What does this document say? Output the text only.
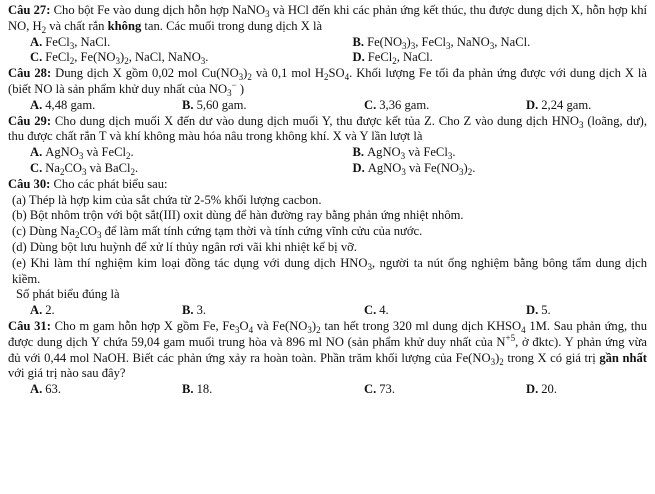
Câu 27: Cho bột Fe vào dung dịch hỗn hợp NaNO$_3$ và HCl đến khi các phản ứng kết thúc, thu được dung dịch X, hỗn hợp khí NO, $H_2$ và chất rắn không tan. Các muối trong dung dịch X là

A. FeCl$_3$, NaCl.	B. $Fe(NO_3)_3$, FeCl$_3$, NaNO$_3$, NaCl.
C. FeCl$_2$, $Fe(NO_3)_2$, NaCl, NaNO$_3$.	D. FeCl$_2$, NaCl.

Câu 28: Dung dịch X gồm 0,02 mol $Cu(NO_3)_2$ và 0,1 mol $H_2SO_4$. Khối lượng Fe tối đa phản ứng được với dung dịch X là (biết NO là sản phẩm khử duy nhất của $NO_3^-$ )

A. 4,48 gam.	B. 5,60 gam.	C. 3,36 gam.	D. 2,24 gam.

Câu 29: Cho dung dịch muối X đến dư vào dung dịch muối Y, thu được kết tủa Z. Cho Z vào dung dịch $HNO_3$ (loãng, dư), thu được chất rắn T và khí không màu hóa nâu trong không khí. X và Y lần lượt là

A. AgNO$_3$ và FeCl$_2$.	B. AgNO$_3$ và FeCl$_3$.
C. $Na_2CO_3$ và BaCl$_2$.	D. AgNO$_3$ và $Fe(NO_3)_2$.

Câu 30: Cho các phát biểu sau:

(a) Thép là hợp kim của sắt chứa từ 2-5% khối lượng cacbon.

(b) Bột nhôm trộn với bột sắt(III) oxit dùng để hàn đường ray bằng phản ứng nhiệt nhôm.

(c) Dùng $Na_2CO_3$ để làm mất tính cứng tạm thời và tính cứng vĩnh cửu của nước.

(d) Dùng bột lưu huỳnh để xử lí thủy ngân rơi vãi khi nhiệt kế bị vỡ.

(e) Khi làm thí nghiệm kim loại đồng tác dụng với dung dịch $HNO_3$, người ta nút ống nghiệm bằng bông tẩm dung dịch kiềm.

Số phát biểu đúng là

A. 2.	B. 3.	C. 4.	D. 5.

Câu 31: Cho m gam hỗn hợp X gồm Fe, $Fe_3O_4$ và $Fe(NO_3)_2$ tan hết trong 320 ml dung dịch $KHSO_4$ 1M. Sau phản ứng, thu được dung dịch Y chứa 59,04 gam muối trung hòa và 896 ml NO (sản phẩm khử duy nhất của $N^{+5}$, ở đktc). Y phản ứng vừa đủ với 0,44 mol NaOH. Biết các phản ứng xảy ra hoàn toàn. Phần trăm khối lượng của $Fe(NO_3)_2$ trong X có giá trị gần nhất với giá trị nào sau đây?

A. 63.	B. 18.	C. 73.	D. 20.
